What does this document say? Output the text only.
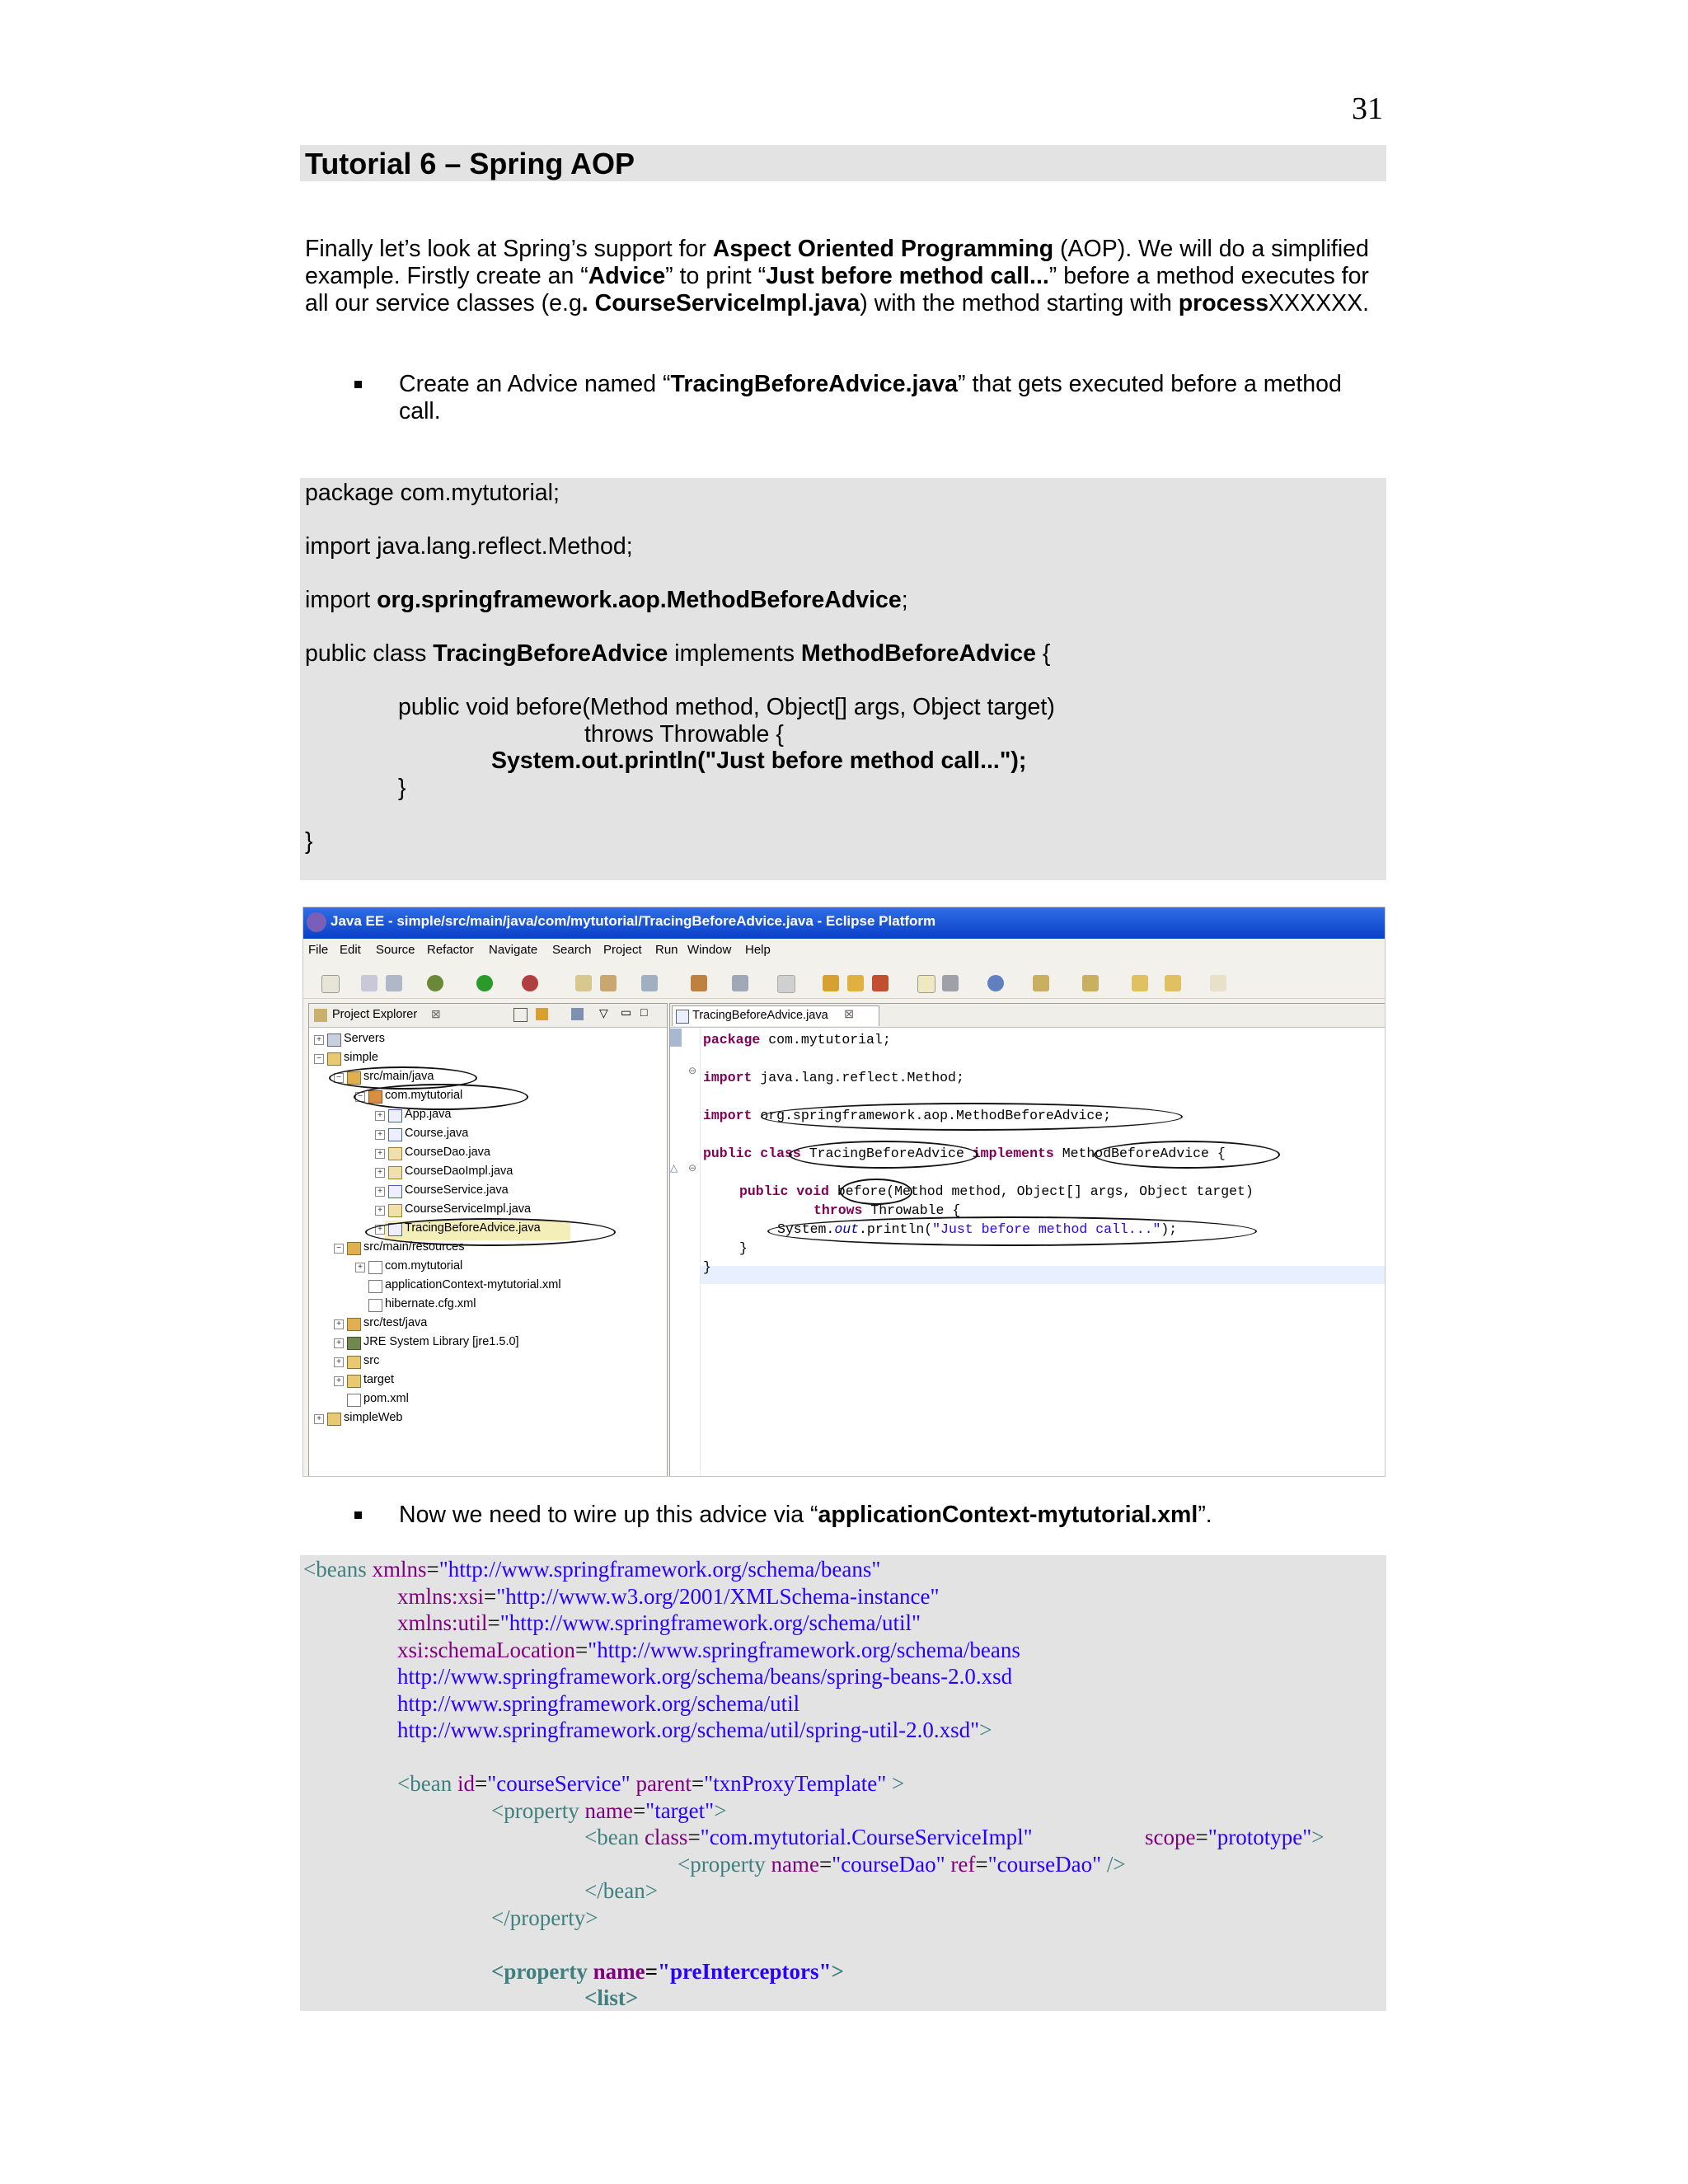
31
Tutorial 6 – Spring AOP
Finally let’s look at Spring’s support for Aspect Oriented Programming (AOP). We will do a simplified example. Firstly create an “Advice” to print “Just before method call...” before a method executes for all our service classes (e.g. CourseServiceImpl.java) with the method starting with processXXXXXX.
Create an Advice named “TracingBeforeAdvice.java” that gets executed before a method call.
package com.mytutorial;
import java.lang.reflect.Method;
import org.springframework.aop.MethodBeforeAdvice;
public class TracingBeforeAdvice implements MethodBeforeAdvice {
public void before(Method method, Object[] args, Object target)
throws Throwable {
System.out.println("Just before method call...");
}
}
Java EE - simple/src/main/java/com/mytutorial/TracingBeforeAdvice.java - Eclipse Platform
File Edit Source Refactor Navigate Search Project Run Window Help
Project Explorer ⊠	▽ ▭ □
+ Servers
− simple
− src/main/java
− com.mytutorial
+ App.java
+ Course.java
+ CourseDao.java
+ CourseDaoImpl.java
+ CourseService.java
+ CourseServiceImpl.java
+ TracingBeforeAdvice.java
− src/main/resources
+ com.mytutorial
applicationContext-mytutorial.xml
hibernate.cfg.xml
+ src/test/java
+ JRE System Library [jre1.5.0]
+ src
+ target
pom.xml
+ simpleWeb
TracingBeforeAdvice.java ⊠
⊖
△ ⊖
package com.mytutorial;
import java.lang.reflect.Method;
import org.springframework.aop.MethodBeforeAdvice;
public class TracingBeforeAdvice implements MethodBeforeAdvice {
public void before(Method method, Object[] args, Object target)
throws Throwable {
System.out.println("Just before method call...");
}
}
Now we need to wire up this advice via “applicationContext-mytutorial.xml”.
<beans xmlns="http://www.springframework.org/schema/beans"
xmlns:xsi="http://www.w3.org/2001/XMLSchema-instance"
xmlns:util="http://www.springframework.org/schema/util"
xsi:schemaLocation="http://www.springframework.org/schema/beans
http://www.springframework.org/schema/beans/spring-beans-2.0.xsd
http://www.springframework.org/schema/util
http://www.springframework.org/schema/util/spring-util-2.0.xsd">
<bean id="courseService" parent="txnProxyTemplate" >
<property name="target">
<bean class="com.mytutorial.CourseServiceImpl"	scope="prototype">
<property name="courseDao" ref="courseDao" />
</bean>
</property>
<property name="preInterceptors">
<list>
